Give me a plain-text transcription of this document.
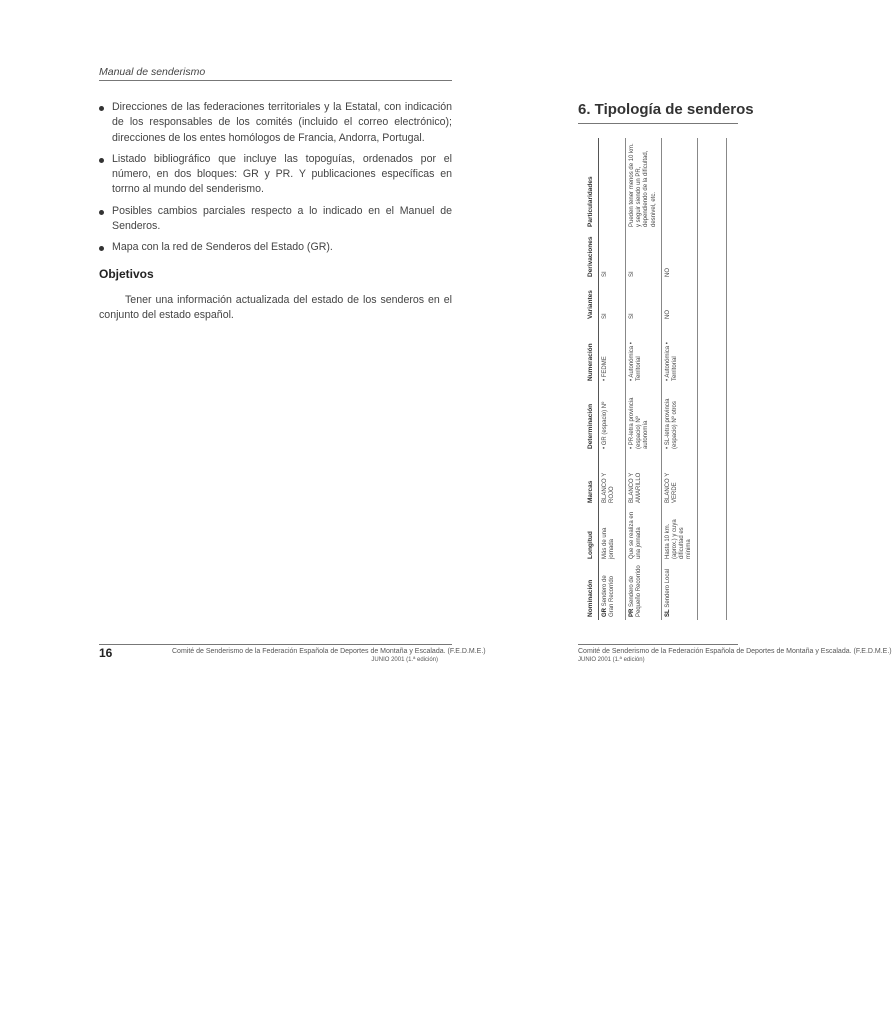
Manual de senderismo
Direcciones de las federaciones territoriales y la Estatal, con indicación de los responsables de los comités (incluido el correo electrónico); direcciones de los entes homólogos de Francia, Andorra, Portugal.
Listado bibliográfico que incluye las topoguías, ordenados por el número, en dos bloques: GR y PR. Y publicaciones específicas en torrno al mundo del senderismo.
Posibles cambios parciales respecto a lo indicado en el Manuel de Senderos.
Mapa con la red de Senderos del Estado (GR).
Objetivos

Tener una información actualizada del estado de los senderos en el conjunto del estado español.

16	Comité de Senderismo de la Federación Española de Deportes de Montaña y Escalada. (F.E.D.M.E.)
JUNIO 2001 (1.ª edición)
6. Tipología de senderos
Nominación	Longitud	Marcas	Determinación	Numeración	Variantes	Derivaciones	Particularidades
GR Sendero de Gran Recorrido	Más de una jornada	BLANCO Y ROJO	• GR (espacio) Nº	• FEDME	SI	SI	
PR Sendero de Pequeño Recorrido	Que se realiza en una jornada	BLANCO Y AMARILLO	• PR-letra provincia (espacio) Nº autonomía	• Autonómica • Territorial	SI	SI	Pueden tener menos de 10 km. y seguir siendo un PR, dependiendo de la dificultad, desnivel, etc.
SL Sendero Local	Hasta 10 km. (aprox.) y cuya dificultad es mínima	BLANCO Y VERDE	• SL-letra provincia (espacio) Nº otros	• Autonómica • Territorial	NO	NO	
Comité de Senderismo de la Federación Española de Deportes de Montaña y Escalada. (F.E.D.M.E.)
JUNIO 2001 (1.ª edición)
